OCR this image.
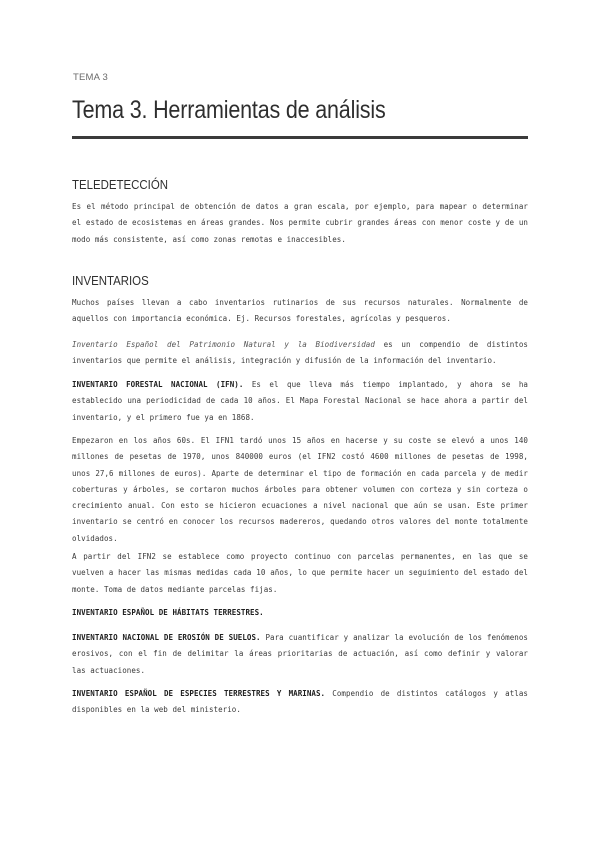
TEMA 3
Tema 3. Herramientas de análisis
TELEDETECCIÓN

Es el método principal de obtención de datos a gran escala, por ejemplo, para mapear o determinar el estado de ecosistemas en áreas grandes. Nos permite cubrir grandes áreas con menor coste y de un modo más consistente, así como zonas remotas e inaccesibles.

INVENTARIOS

Muchos países llevan a cabo inventarios rutinarios de sus recursos naturales. Normalmente de aquellos con importancia económica. Ej. Recursos forestales, agrícolas y pesqueros.

Inventario Español del Patrimonio Natural y la Biodiversidad es un compendio de distintos inventarios que permite el análisis, integración y difusión de la información del inventario.

INVENTARIO FORESTAL NACIONAL (IFN). Es el que lleva más tiempo implantado, y ahora se ha establecido una periodicidad de cada 10 años. El Mapa Forestal Nacional se hace ahora a partir del inventario, y el primero fue ya en 1868.

Empezaron en los años 60s. El IFN1 tardó unos 15 años en hacerse y su coste se elevó a unos 140 millones de pesetas de 1970, unos 840000 euros (el IFN2 costó 4600 millones de pesetas de 1998, unos 27,6 millones de euros). Aparte de determinar el tipo de formación en cada parcela y de medir coberturas y árboles, se cortaron muchos árboles para obtener volumen con corteza y sin corteza o crecimiento anual. Con esto se hicieron ecuaciones a nivel nacional que aún se usan. Este primer inventario se centró en conocer los recursos madereros, quedando otros valores del monte totalmente olvidados.

A partir del IFN2 se establece como proyecto continuo con parcelas permanentes, en las que se vuelven a hacer las mismas medidas cada 10 años, lo que permite hacer un seguimiento del estado del monte. Toma de datos mediante parcelas fijas.

INVENTARIO ESPAÑOL DE HÁBITATS TERRESTRES.

INVENTARIO NACIONAL DE EROSIÓN DE SUELOS. Para cuantificar y analizar la evolución de los fenómenos erosivos, con el fin de delimitar la áreas prioritarias de actuación, así como definir y valorar las actuaciones.

INVENTARIO ESPAÑOL DE ESPECIES TERRESTRES Y MARINAS. Compendio de distintos catálogos y atlas disponibles en la web del ministerio.
